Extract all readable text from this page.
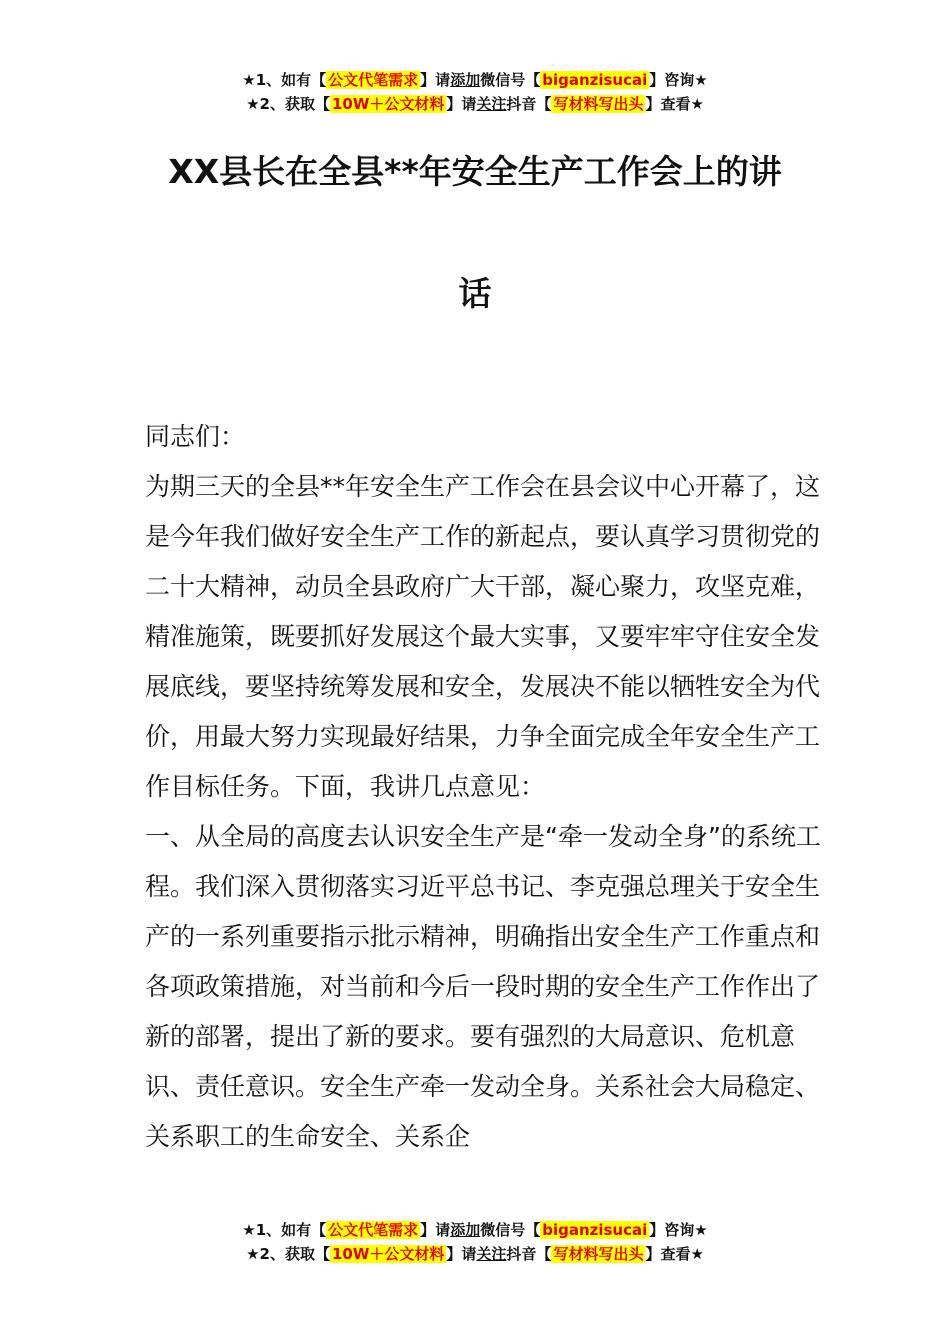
★1、如有【 公文代笔需求 】请添加微信号【 biganzisucai 】咨询★
★2、获取【 10W＋公文材料 】请关注抖音【 写材料写出头 】查看★
XX县长在全县**年安全生产工作会上的讲
话

同志们：

为期三天的全县**年安全生产工作会在县会议中心开幕了，这是今年我们做好安全生产工作的新起点，要认真学习贯彻党的二十大精神，动员全县政府广大干部，凝心聚力，攻坚克难，精准施策，既要抓好发展这个最大实事，又要牢牢守住安全发展底线，要坚持统筹发展和安全，发展决不能以牺牲安全为代价，用最大努力实现最好结果，力争全面完成全年安全生产工作目标任务。下面，我讲几点意见：

一、从全局的高度去认识安全生产是“牵一发动全身”的系统工程。我们深入贯彻落实习近平总书记、李克强总理关于安全生产的一系列重要指示批示精神，明确指出安全生产工作重点和各项政策措施，对当前和今后一段时期的安全生产工作作出了新的部署，提出了新的要求。要有强烈的大局意识、危机意识、责任意识。安全生产牵一发动全身。关系社会大局稳定、关系职工的生命安全、关系企

★1、如有【 公文代笔需求 】请添加微信号【 biganzisucai 】咨询★
★2、获取【 10W＋公文材料 】请关注抖音【 写材料写出头 】查看★
